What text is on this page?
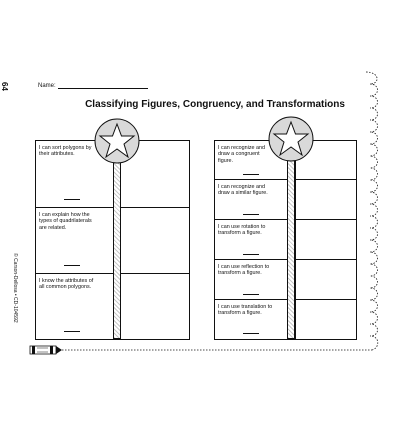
64
© Carson-Dellosa • CD-104592
Name:
Classifying Figures, Congruency, and Transformations
I can sort polygons by their attributes.
I can explain how the types of quadrilaterals are related.
I know the attributes of all common polygons.
I can recognize and draw a congruent figure.
I can recognize and draw a similar figure.
I can use rotation to transform a figure.
I can use reflection to transform a figure.
I can use translation to transform a figure.
